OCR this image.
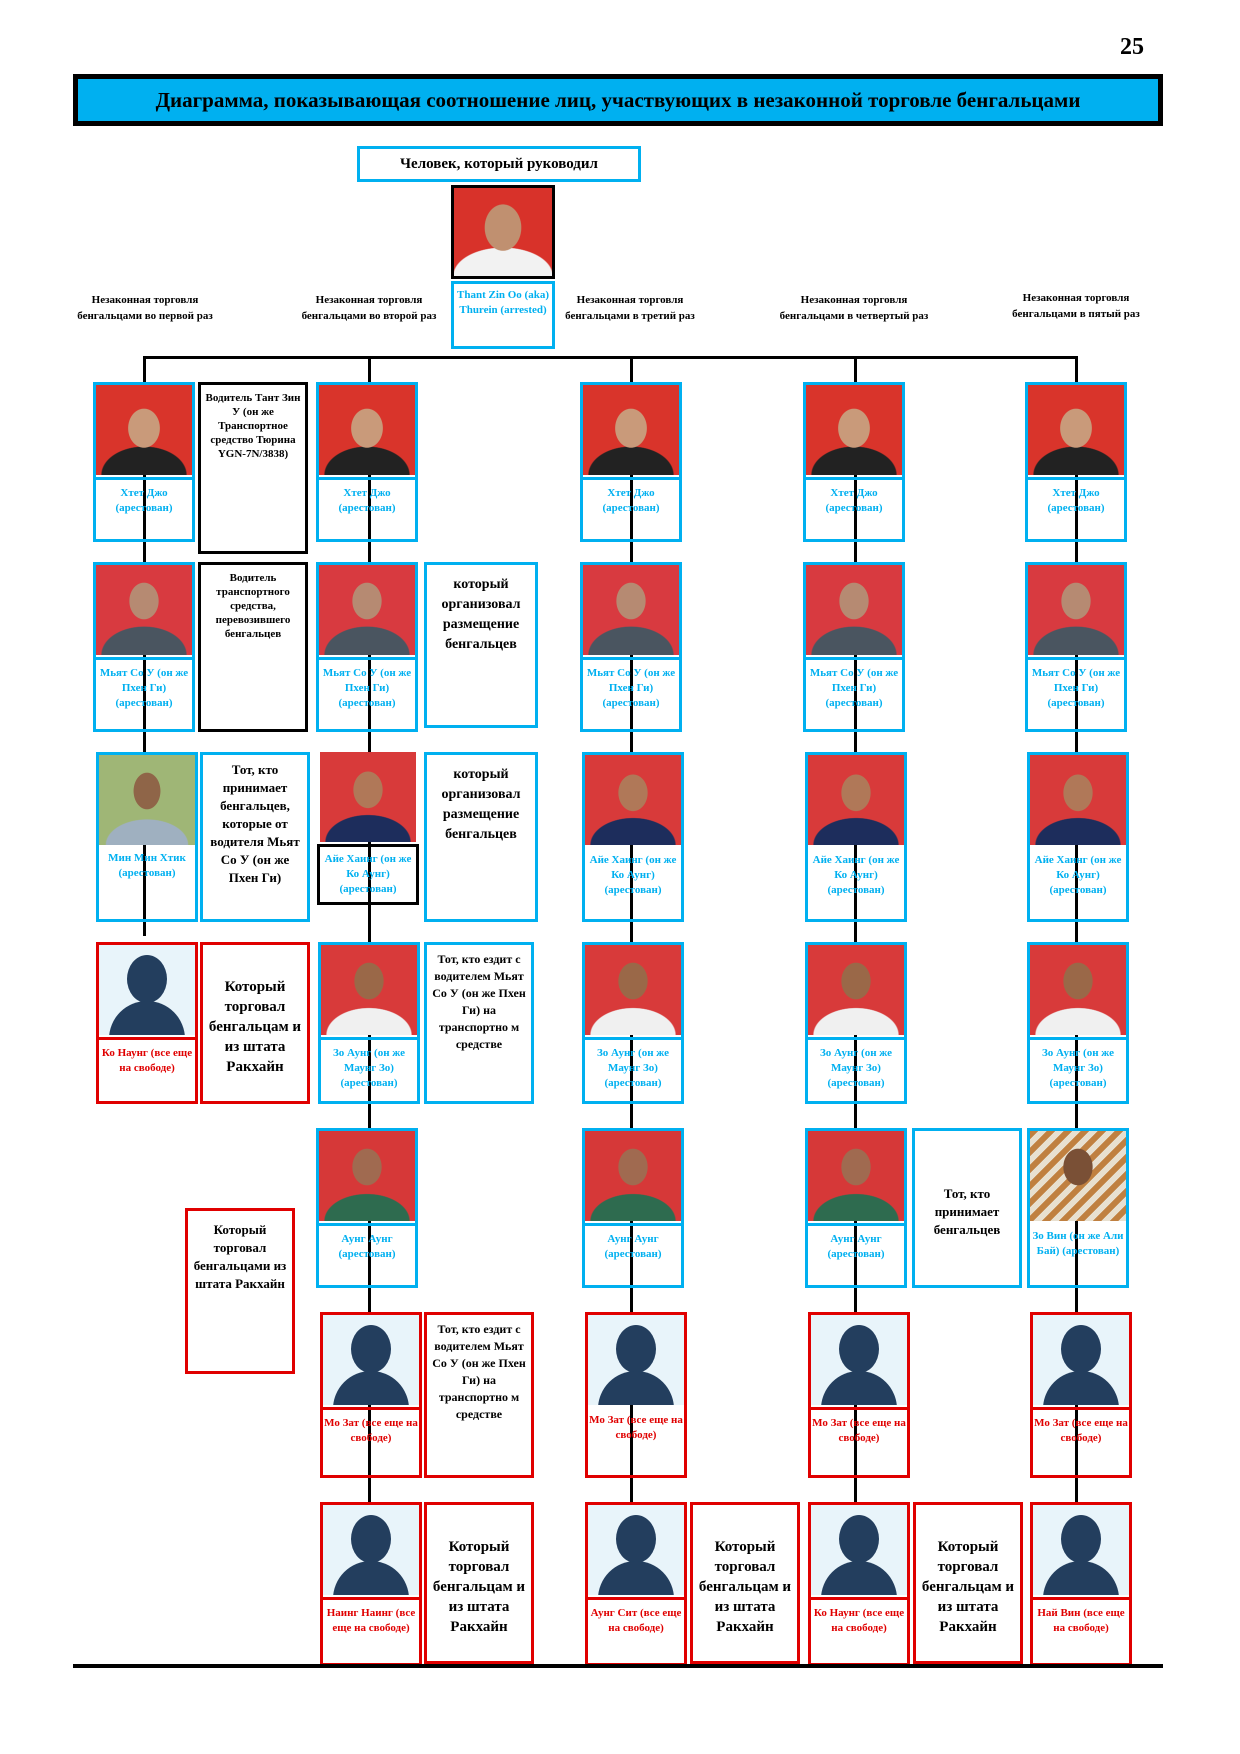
25
Диаграмма, показывающая соотношение лиц, участвующих в незаконной торговле бенгальцами
Человек, который руководил
Thant Zin Oo (aka) Thurein (arrested)
Незаконная торговля бенгальцами во первой раз
Незаконная торговля бенгальцами во второй раз
Незаконная торговля бенгальцами в третий раз
Незаконная торговля бенгальцами в четвертый раз
Незаконная торговля бенгальцами в пятый раз
Хтет Джо (арестован)
Водитель Тант Зин У (он же Транспортное средство Тюрина YGN-7N/3838)
Мьят Со У (он же Пхен Ги) (арестован)
Водитель транспортного средства, перевозившего бенгальцев
Мин Мин Хтик (арестован)
Тот, кто принимает бенгальцев, которые от водителя Мьят Со У (он же Пхен Ги)
Ко Наунг (все еще на свободе)
Который торговал бенгальцам и из штата Ракхайн
Который торговал бенгальцами из штата Ракхайн
Хтет Джо (арестован)
Мьят Со У (он же Пхен Ги) (арестован)
который организовал размещение бенгальцев
Айе Хаинг (он же Ко Аунг) (арестован)
который организовал размещение бенгальцев
Зо Аунг (он же Маунг Зо) (арестован)
Тот, кто ездит с водителем Мьят Со У (он же Пхен Ги) на транспортно м средстве
Аунг Аунг (арестован)
Мо Зат (все еще на свободе)
Тот, кто ездит с водителем Мьят Со У (он же Пхен Ги) на транспортно м средстве
Наинг Наинг (все еще на свободе)
Который торговал бенгальцам и из штата Ракхайн
Хтет Джо (арестован)
Мьят Со У (он же Пхен Ги) (арестован)
Айе Хаинг (он же Ко Аунг) (арестован)
Зо Аунг (он же Маунг Зо) (арестован)
Аунг Аунг (арестован)
Мо Зат (все еще на свободе)
Аунг Сит (все еще на свободе)
Который торговал бенгальцам и из штата Ракхайн
Хтет Джо (арестован)
Мьят Со У (он же Пхен Ги) (арестован)
Айе Хаинг (он же Ко Аунг) (арестован)
Зо Аунг (он же Маунг Зо) (арестован)
Аунг Аунг (арестован)
Тот, кто принимает бенгальцев
Мо Зат (все еще на свободе)
Ко Наунг (все еще на свободе)
Который торговал бенгальцам и из штата Ракхайн
Хтет Джо (арестован)
Мьят Со У (он же Пхен Ги) (арестован)
Айе Хаинг (он же Ко Аунг) (арестован)
Зо Аунг (он же Маунг Зо) (арестован)
Зо Вин (он же Али Бай) (арестован)
Мо Зат (все еще на свободе)
Най Вин (все еще на свободе)
